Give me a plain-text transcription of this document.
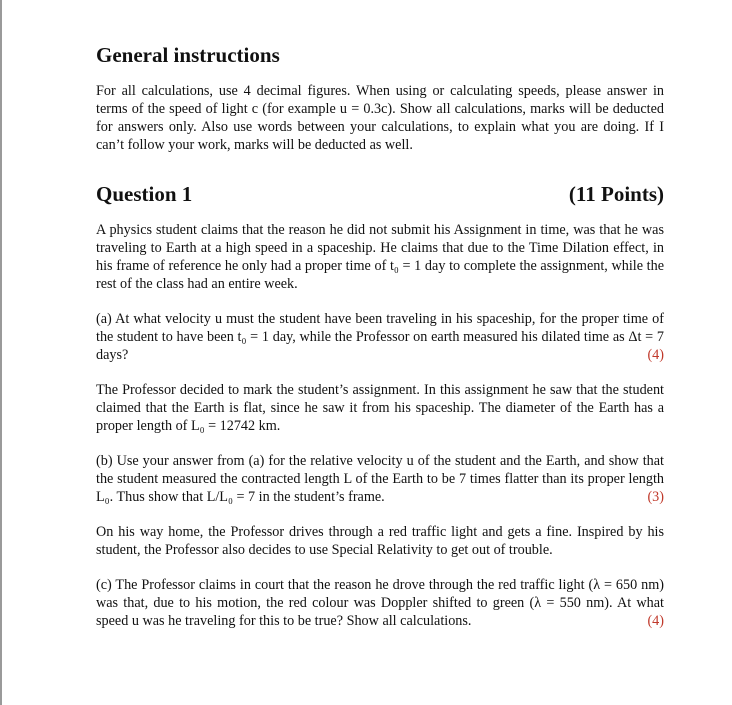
General instructions

For all calculations, use 4 decimal figures. When using or calculating speeds, please answer in terms of the speed of light c (for example u = 0.3c). Show all calculations, marks will be deducted for answers only. Also use words between your calculations, to explain what you are doing. If I can’t follow your work, marks will be deducted as well.

Question 1	(11 Points)

A physics student claims that the reason he did not submit his Assignment in time, was that he was traveling to Earth at a high speed in a spaceship. He claims that due to the Time Dilation effect, in his frame of reference he only had a proper time of t₀ = 1 day to complete the assignment, while the rest of the class had an entire week.

(a) At what velocity u must the student have been traveling in his spaceship, for the proper time of the student to have been t₀ = 1 day, while the Professor on earth measured his dilated time as Δt = 7 days?	(4)

The Professor decided to mark the student’s assignment. In this assignment he saw that the student claimed that the Earth is flat, since he saw it from his spaceship. The diameter of the Earth has a proper length of L₀ = 12742 km.

(b) Use your answer from (a) for the relative velocity u of the student and the Earth, and show that the student measured the contracted length L of the Earth to be 7 times flatter than its proper length L₀. Thus show that L/L₀ = 7 in the student’s frame.	(3)

On his way home, the Professor drives through a red traffic light and gets a fine. Inspired by his student, the Professor also decides to use Special Relativity to get out of trouble.

(c) The Professor claims in court that the reason he drove through the red traffic light (λ = 650 nm) was that, due to his motion, the red colour was Doppler shifted to green (λ = 550 nm). At what speed u was he traveling for this to be true? Show all calculations.	(4)
